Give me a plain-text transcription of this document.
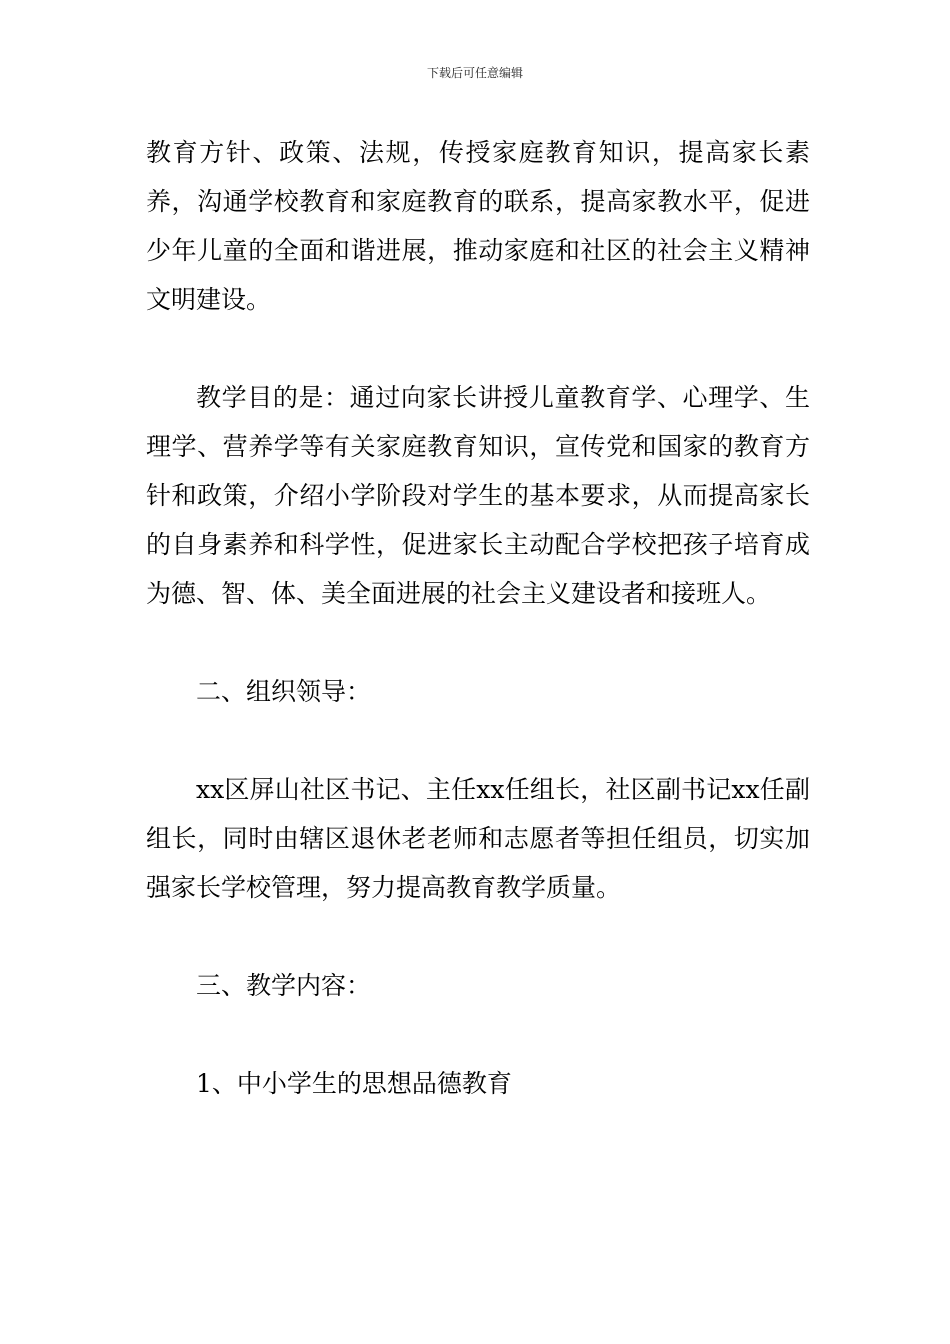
下载后可任意编辑

教育方针、政策、法规，传授家庭教育知识，提高家长素养，沟通学校教育和家庭教育的联系，提高家教水平，促进少年儿童的全面和谐进展，推动家庭和社区的社会主义精神文明建设。

教学目的是：通过向家长讲授儿童教育学、心理学、生理学、营养学等有关家庭教育知识，宣传党和国家的教育方针和政策，介绍小学阶段对学生的基本要求，从而提高家长的自身素养和科学性，促进家长主动配合学校把孩子培育成为德、智、体、美全面进展的社会主义建设者和接班人。

二、组织领导：

xx区屏山社区书记、主任xx任组长，社区副书记xx任副组长，同时由辖区退休老老师和志愿者等担任组员，切实加强家长学校管理，努力提高教育教学质量。

三、教学内容：

1、中小学生的思想品德教育
